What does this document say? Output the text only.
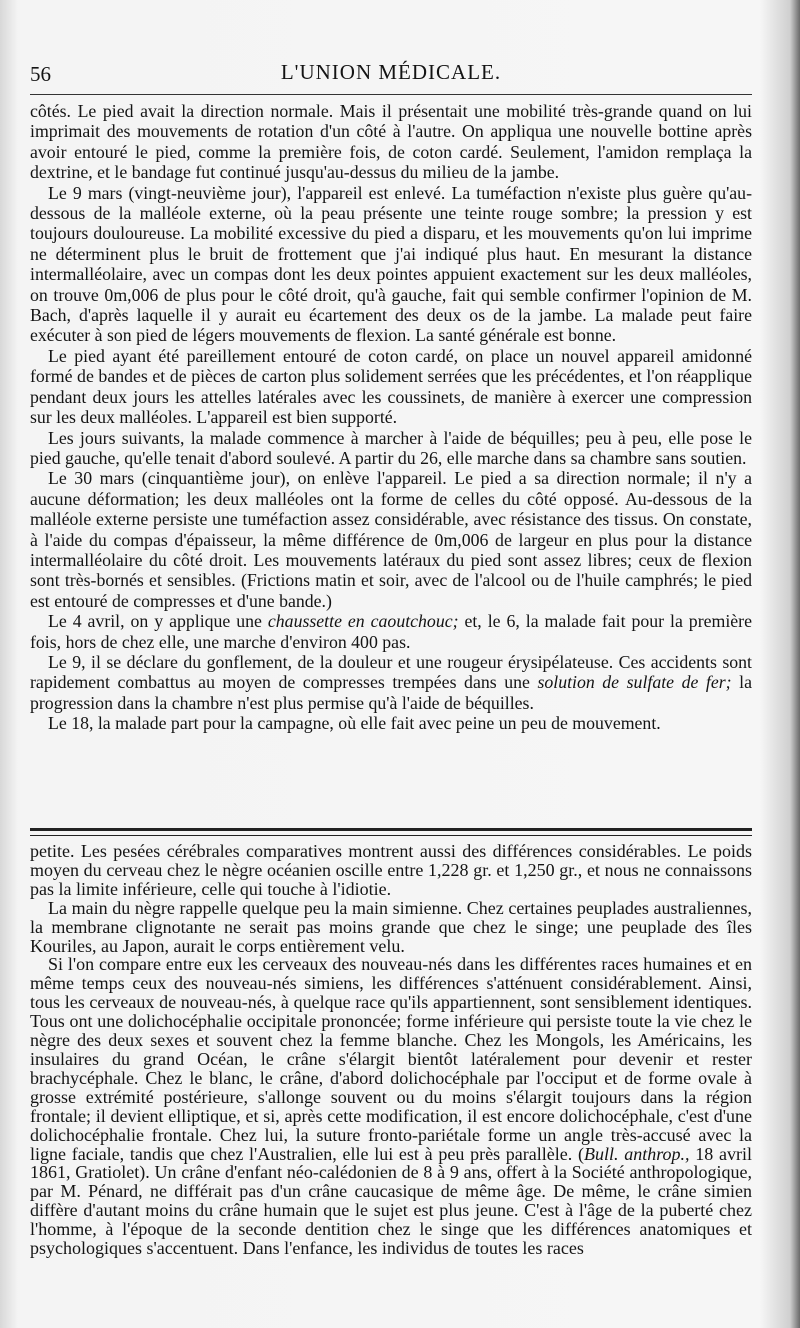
56	L'UNION MÉDICALE.

côtés. Le pied avait la direction normale. Mais il présentait une mobilité très-grande quand on lui imprimait des mouvements de rotation d'un côté à l'autre. On appliqua une nouvelle bottine après avoir entouré le pied, comme la première fois, de coton cardé. Seulement, l'amidon remplaça la dextrine, et le bandage fut continué jusqu'au-dessus du milieu de la jambe.

Le 9 mars (vingt-neuvième jour), l'appareil est enlevé. La tuméfaction n'existe plus guère qu'au-dessous de la malléole externe, où la peau présente une teinte rouge sombre; la pression y est toujours douloureuse. La mobilité excessive du pied a disparu, et les mouvements qu'on lui imprime ne déterminent plus le bruit de frottement que j'ai indiqué plus haut. En mesurant la distance intermalléolaire, avec un compas dont les deux pointes appuient exactement sur les deux malléoles, on trouve 0m,006 de plus pour le côté droit, qu'à gauche, fait qui semble confirmer l'opinion de M. Bach, d'après laquelle il y aurait eu écartement des deux os de la jambe. La malade peut faire exécuter à son pied de légers mouvements de flexion. La santé générale est bonne.

Le pied ayant été pareillement entouré de coton cardé, on place un nouvel appareil amidonné formé de bandes et de pièces de carton plus solidement serrées que les précédentes, et l'on réapplique pendant deux jours les attelles latérales avec les coussinets, de manière à exercer une compression sur les deux malléoles. L'appareil est bien supporté.

Les jours suivants, la malade commence à marcher à l'aide de béquilles; peu à peu, elle pose le pied gauche, qu'elle tenait d'abord soulevé. A partir du 26, elle marche dans sa chambre sans soutien.

Le 30 mars (cinquantième jour), on enlève l'appareil. Le pied a sa direction normale; il n'y a aucune déformation; les deux malléoles ont la forme de celles du côté opposé. Au-dessous de la malléole externe persiste une tuméfaction assez considérable, avec résistance des tissus. On constate, à l'aide du compas d'épaisseur, la même différence de 0m,006 de largeur en plus pour la distance intermalléolaire du côté droit. Les mouvements latéraux du pied sont assez libres; ceux de flexion sont très-bornés et sensibles. (Frictions matin et soir, avec de l'alcool ou de l'huile camphrés; le pied est entouré de compresses et d'une bande.)

Le 4 avril, on y applique une chaussette en caoutchouc; et, le 6, la malade fait pour la première fois, hors de chez elle, une marche d'environ 400 pas.

Le 9, il se déclare du gonflement, de la douleur et une rougeur érysipélateuse. Ces accidents sont rapidement combattus au moyen de compresses trempées dans une solution de sulfate de fer; la progression dans la chambre n'est plus permise qu'à l'aide de béquilles.

Le 18, la malade part pour la campagne, où elle fait avec peine un peu de mouvement.

petite. Les pesées cérébrales comparatives montrent aussi des différences considérables. Le poids moyen du cerveau chez le nègre océanien oscille entre 1,228 gr. et 1,250 gr., et nous ne connaissons pas la limite inférieure, celle qui touche à l'idiotie.

La main du nègre rappelle quelque peu la main simienne. Chez certaines peuplades australiennes, la membrane clignotante ne serait pas moins grande que chez le singe; une peuplade des îles Kouriles, au Japon, aurait le corps entièrement velu.

Si l'on compare entre eux les cerveaux des nouveau-nés dans les différentes races humaines et en même temps ceux des nouveau-nés simiens, les différences s'atténuent considérablement. Ainsi, tous les cerveaux de nouveau-nés, à quelque race qu'ils appartiennent, sont sensiblement identiques. Tous ont une dolichocéphalie occipitale prononcée; forme inférieure qui persiste toute la vie chez le nègre des deux sexes et souvent chez la femme blanche. Chez les Mongols, les Américains, les insulaires du grand Océan, le crâne s'élargit bientôt latéralement pour devenir et rester brachycéphale. Chez le blanc, le crâne, d'abord dolichocéphale par l'occiput et de forme ovale à grosse extrémité postérieure, s'allonge souvent ou du moins s'élargit toujours dans la région frontale; il devient elliptique, et si, après cette modification, il est encore dolichocéphale, c'est d'une dolichocéphalie frontale. Chez lui, la suture fronto-pariétale forme un angle très-accusé avec la ligne faciale, tandis que chez l'Australien, elle lui est à peu près parallèle. (Bull. anthrop., 18 avril 1861, Gratiolet). Un crâne d'enfant néo-calédonien de 8 à 9 ans, offert à la Société anthropologique, par M. Pénard, ne différait pas d'un crâne caucasique de même âge. De même, le crâne simien diffère d'autant moins du crâne humain que le sujet est plus jeune. C'est à l'âge de la puberté chez l'homme, à l'époque de la seconde dentition chez le singe que les différences anatomiques et psychologiques s'accentuent. Dans l'enfance, les individus de toutes les races
